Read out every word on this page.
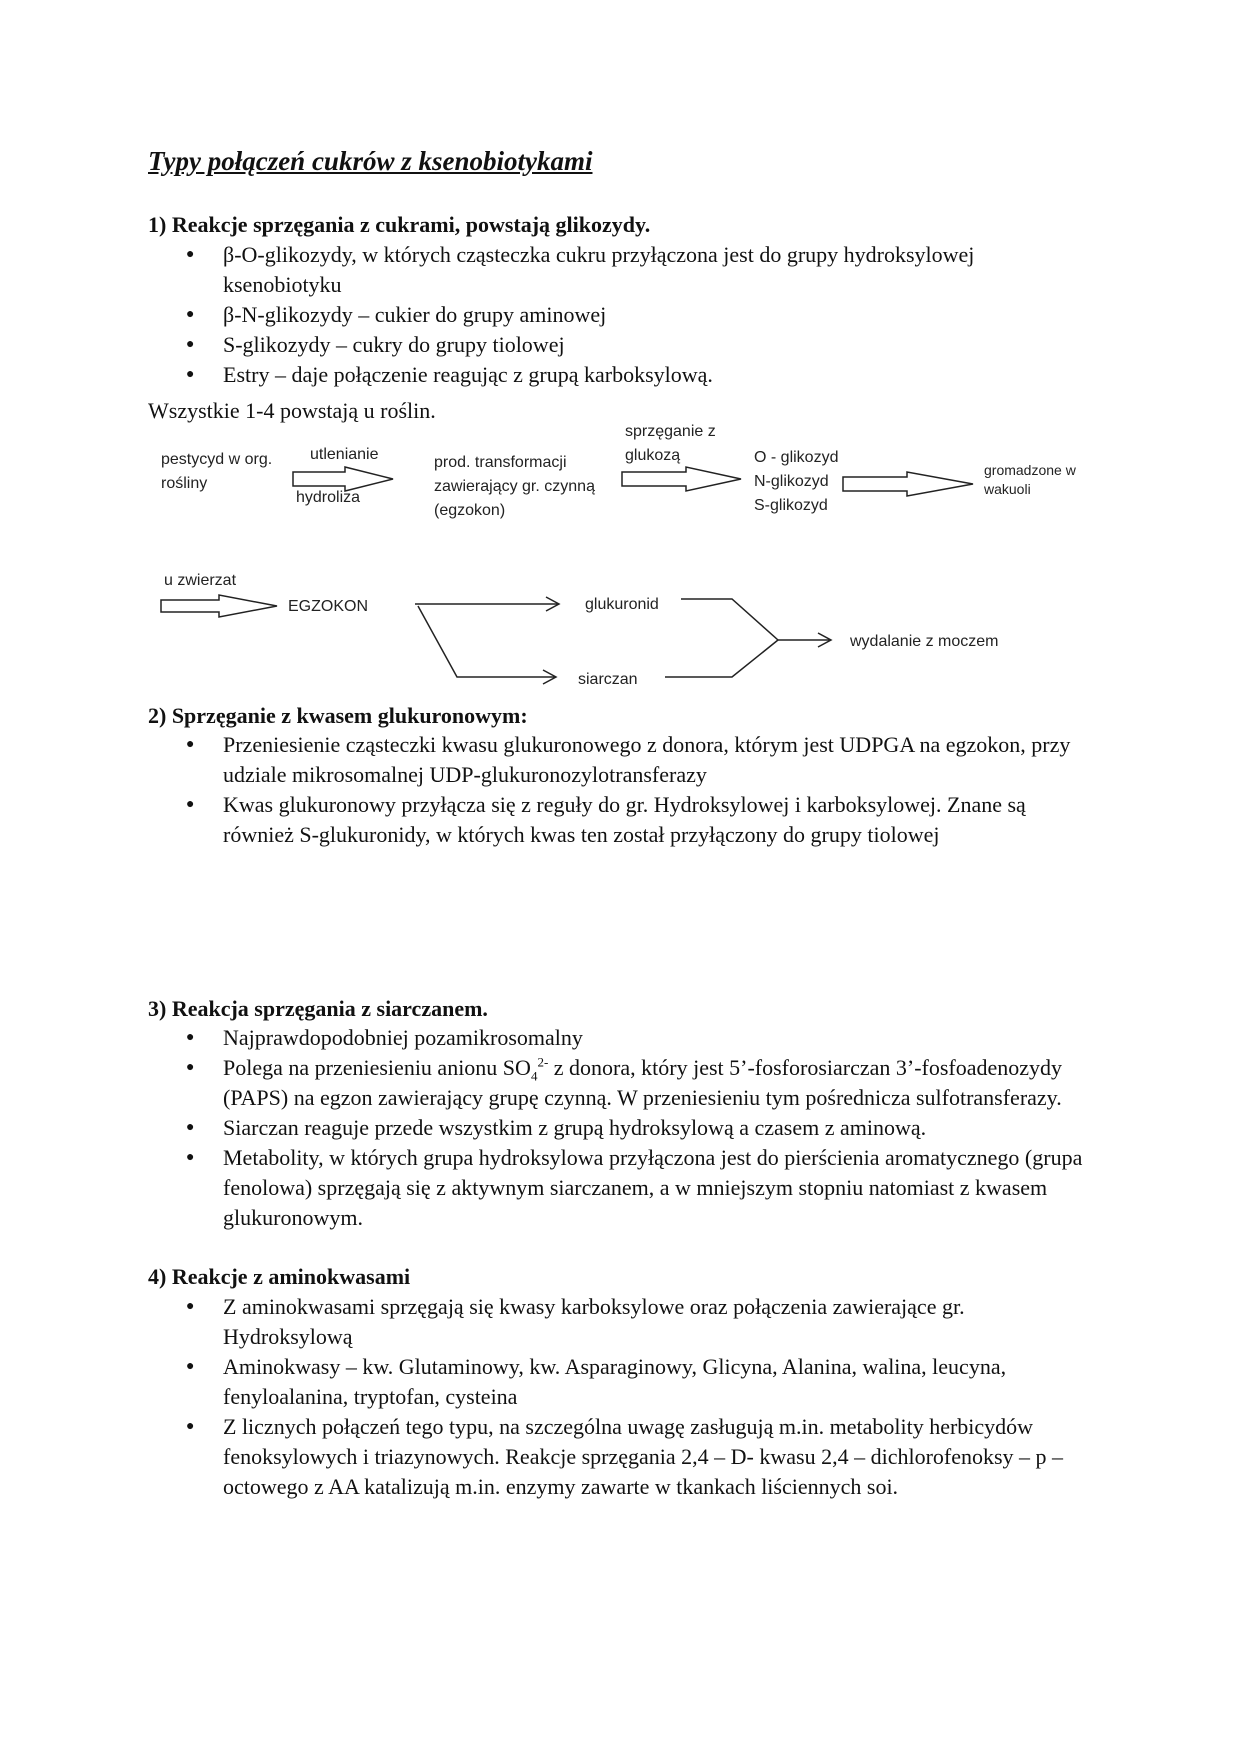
Typy połączeń cukrów z ksenobiotykami
1) Reakcje sprzęgania z cukrami, powstają glikozydy.
● β-O-glikozydy, w których cząsteczka cukru przyłączona jest do grupy hydroksylowej ksenobiotyku
● β-N-glikozydy – cukier do grupy aminowej
● S-glikozydy – cukry do grupy tiolowej
● Estry – daje połączenie reagując z grupą karboksylową.
Wszystkie 1-4 powstają u roślin.
pestycyd w org. rośliny
utlenianie
hydroliza
prod. transformacji zawierający gr. czynną (egzokon)
sprzęganie z glukozą	O - glikozyd
N-glikozyd
S-glikozyd
gromadzone w wakuoli
u zwierzat
EGZOKON	glukuronid
siarczan
wydalanie z moczem
2) Sprzęganie z kwasem glukuronowym:
● Przeniesienie cząsteczki kwasu glukuronowego z donora, którym jest UDPGA na egzokon, przy udziale mikrosomalnej UDP-glukuronozylotransferazy
● Kwas glukuronowy przyłącza się z reguły do gr. Hydroksylowej i karboksylowej. Znane są również S-glukuronidy, w których kwas ten został przyłączony do grupy tiolowej
3) Reakcja sprzęgania z siarczanem.
● Najprawdopodobniej pozamikrosomalny
● Polega na przeniesieniu anionu $SO_4^{2-}$ z donora, który jest 5’-fosforosiarczan 3’-fosfoadenozydy (PAPS) na egzon zawierający grupę czynną. W przeniesieniu tym pośrednicza sulfotransferazy.
● Siarczan reaguje przede wszystkim z grupą hydroksylową a czasem z aminową.
● Metabolity, w których grupa hydroksylowa przyłączona jest do pierścienia aromatycznego (grupa fenolowa) sprzęgają się z aktywnym siarczanem, a w mniejszym stopniu natomiast z kwasem glukuronowym.
4) Reakcje z aminokwasami
● Z aminokwasami sprzęgają się kwasy karboksylowe oraz połączenia zawierające gr. Hydroksylową
● Aminokwasy – kw. Glutaminowy, kw. Asparaginowy, Glicyna, Alanina, walina, leucyna, fenyloalanina, tryptofan, cysteina
● Z licznych połączeń tego typu, na szczególna uwagę zasługują m.in. metabolity herbicydów fenoksylowych i triazynowych. Reakcje sprzęgania 2,4 – D- kwasu 2,4 – dichlorofenoksy – p – octowego z AA katalizują m.in. enzymy zawarte w tkankach liściennych soi.
